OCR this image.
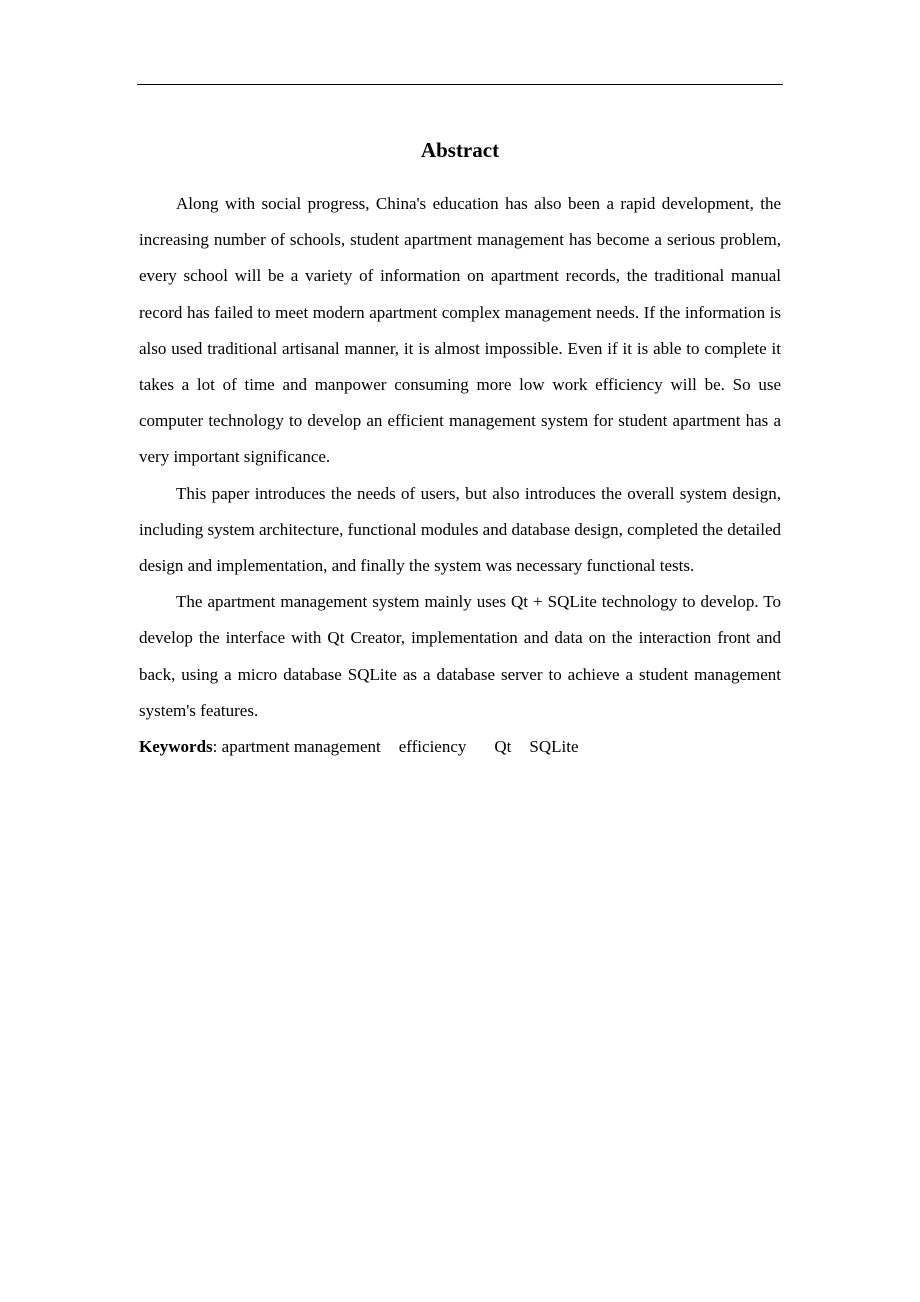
Abstract

Along with social progress, China's education has also been a rapid development, the increasing number of schools, student apartment management has become a serious problem, every school will be a variety of information on apartment records, the traditional manual record has failed to meet modern apartment complex management needs. If the information is also used traditional artisanal manner, it is almost impossible. Even if it is able to complete it takes a lot of time and manpower consuming more low work efficiency will be. So use computer technology to develop an efficient management system for student apartment has a very important significance.

This paper introduces the needs of users, but also introduces the overall system design, including system architecture, functional modules and database design, completed the detailed design and implementation, and finally the system was necessary functional tests.

The apartment management system mainly uses Qt + SQLite technology to develop. To develop the interface with Qt Creator, implementation and data on the interaction front and back, using a micro database SQLite as a database server to achieve a student management system's features.

Keywords: apartment management efficiency Qt SQLite
